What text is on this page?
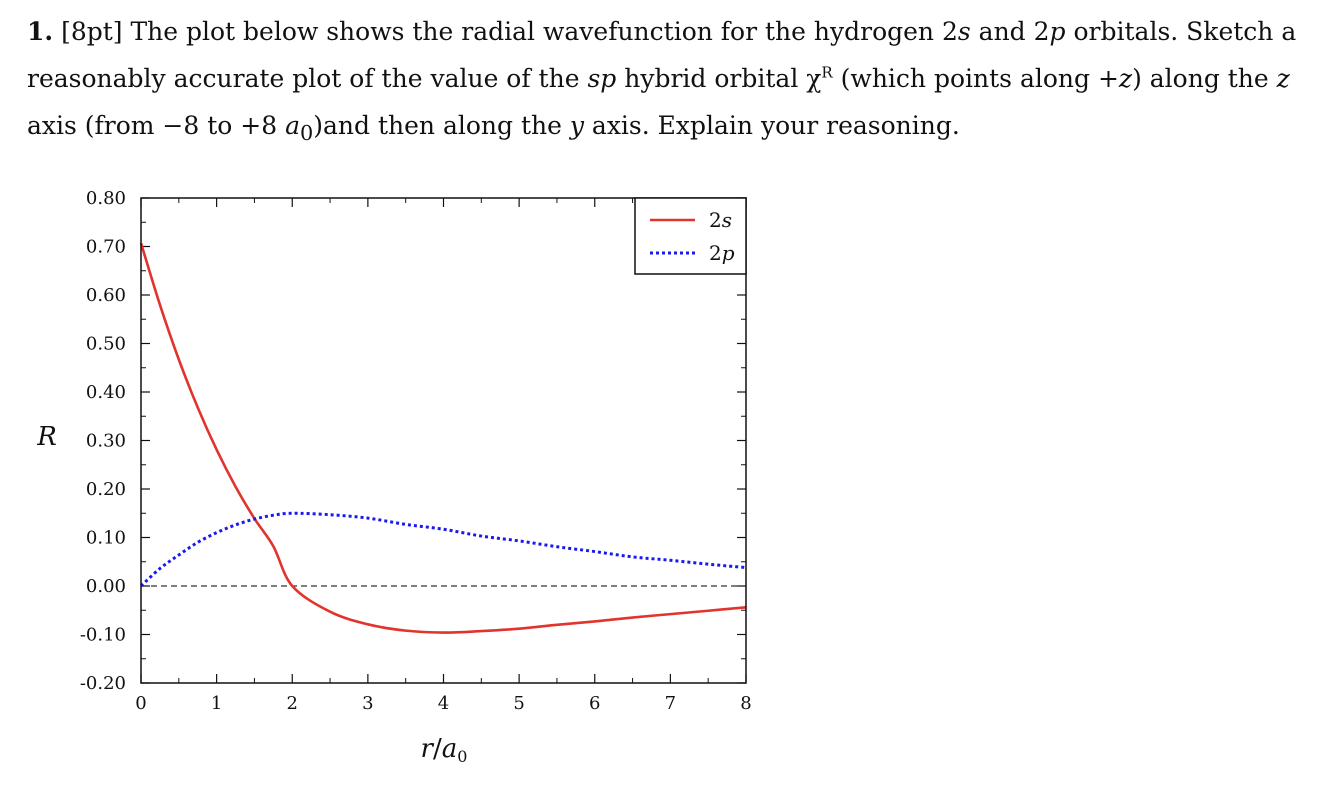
1. [8pt] The plot below shows the radial wavefunction for the hydrogen 2s and 2p orbitals. Sketch a reasonably accurate plot of the value of the sp hybrid orbital $\chi^R$ (which points along +z) along the z axis (from −8 to +8 $a_0)and$ then along the y axis. Explain your reasoning.
0	1	2	3	4	5	6	7	8
-0.20
-0.10
0.00
0.10
0.20
0.30
0.40
0.50
0.60
0.70
0.80
2s
2p
R
r/a0
